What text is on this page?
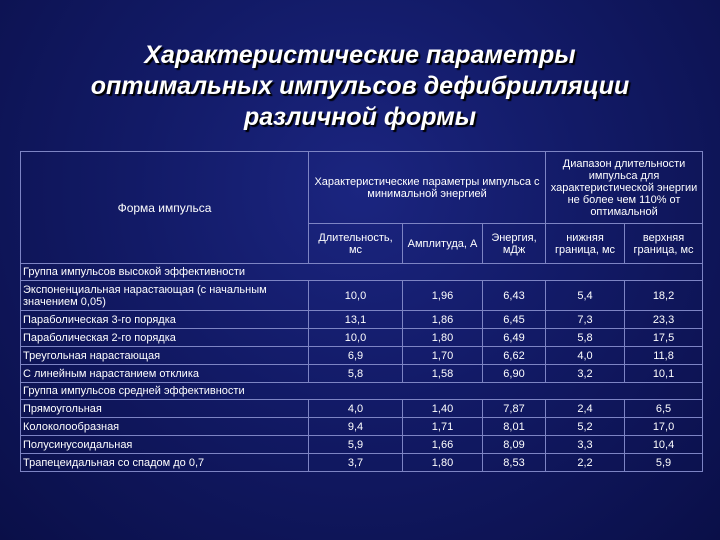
Характеристические параметры
оптимальных импульсов дефибрилляции
различной формы
Форма импульса	Характеристические параметры импульса с минимальной энергией			Диапазон длительности импульса для характеристической энергии не более чем 110% от оптимальной	
	Длительность, мс	Амплитуда, А	Энергия, мДж	нижняя граница, мс	верхняя граница, мс
Группа импульсов высокой эффективности					
Экспоненциальная нарастающая (с начальным значением 0,05)	10,0	1,96	6,43	5,4	18,2
Параболическая 3-го порядка	13,1	1,86	6,45	7,3	23,3
Параболическая 2-го порядка	10,0	1,80	6,49	5,8	17,5
Треугольная нарастающая	6,9	1,70	6,62	4,0	11,8
С линейным нарастанием отклика	5,8	1,58	6,90	3,2	10,1
Группа импульсов средней эффективности					
Прямоугольная	4,0	1,40	7,87	2,4	6,5
Колоколообразная	9,4	1,71	8,01	5,2	17,0
Полусинусоидальная	5,9	1,66	8,09	3,3	10,4
Трапецеидальная со спадом до 0,7	3,7	1,80	8,53	2,2	5,9
